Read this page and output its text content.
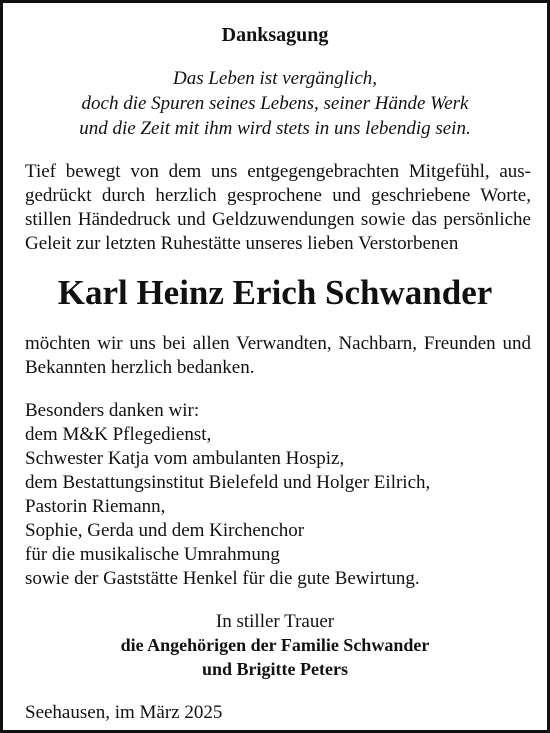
Danksagung
Das Leben ist vergänglich,
doch die Spuren seines Lebens, seiner Hände Werk
und die Zeit mit ihm wird stets in uns lebendig sein.
Tief bewegt von dem uns entgegengebrachten Mitgefühl, aus-
gedrückt durch herzlich gesprochene und geschriebene Worte,
stillen Händedruck und Geldzuwendungen sowie das persönliche
Geleit zur letzten Ruhestätte unseres lieben Verstorbenen
Karl Heinz Erich Schwander
möchten wir uns bei allen Verwandten, Nachbarn, Freunden und
Bekannten herzlich bedanken.
Besonders danken wir:
dem M&K Pflegedienst,
Schwester Katja vom ambulanten Hospiz,
dem Bestattungsinstitut Bielefeld und Holger Eilrich,
Pastorin Riemann,
Sophie, Gerda und dem Kirchenchor
für die musikalische Umrahmung
sowie der Gaststätte Henkel für die gute Bewirtung.
In stiller Trauer
die Angehörigen der Familie Schwander
und Brigitte Peters
Seehausen, im März 2025
